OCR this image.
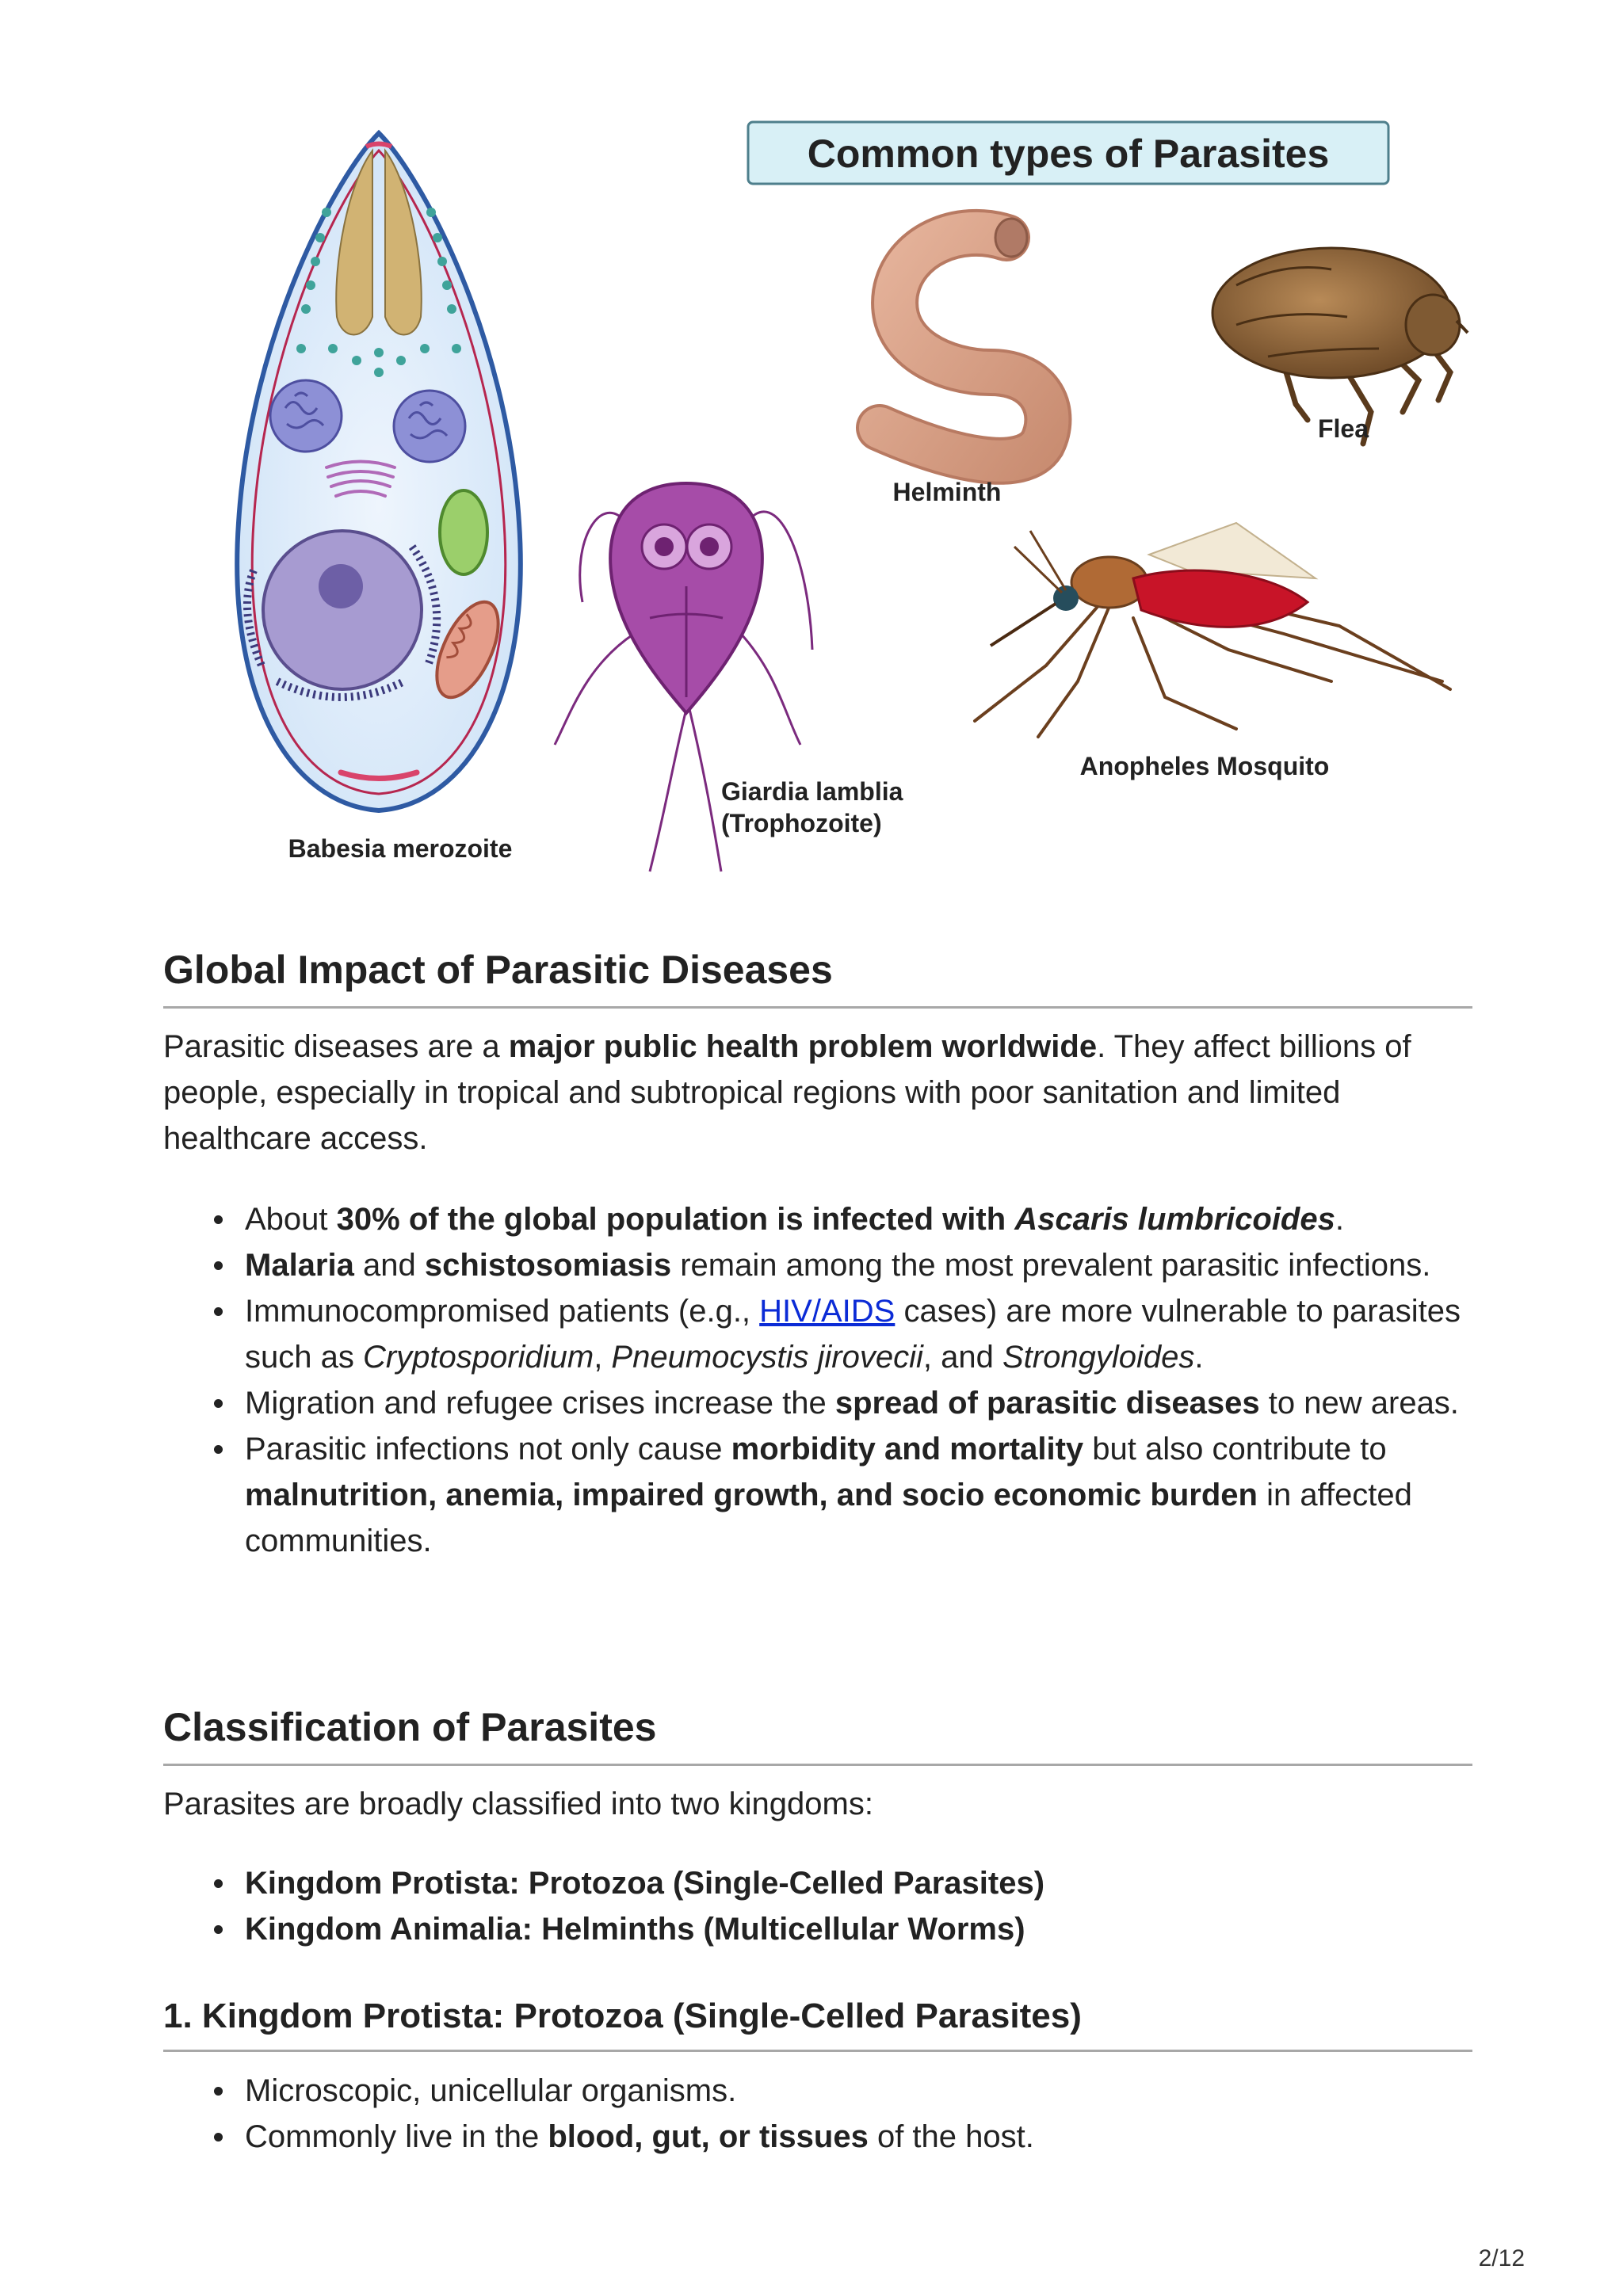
Common types of Parasites
Babesia merozoite
Giardia lamblia
(Trophozoite)
Helminth
Flea
Anopheles Mosquito
Global Impact of Parasitic Diseases

Parasitic diseases are a major public health problem worldwide. They affect billions of people, especially in tropical and subtropical regions with poor sanitation and limited healthcare access.

About 30% of the global population is infected with Ascaris lumbricoides.
Malaria and schistosomiasis remain among the most prevalent parasitic infections.
Immunocompromised patients (e.g., HIV/AIDS cases) are more vulnerable to parasites such as Cryptosporidium, Pneumocystis jirovecii, and Strongyloides.
Migration and refugee crises increase the spread of parasitic diseases to new areas.
Parasitic infections not only cause morbidity and mortality but also contribute to malnutrition, anemia, impaired growth, and socio economic burden in affected communities.
Classification of Parasites

Parasites are broadly classified into two kingdoms:

Kingdom Protista: Protozoa (Single-Celled Parasites)
Kingdom Animalia: Helminths (Multicellular Worms)
1. Kingdom Protista: Protozoa (Single-Celled Parasites)
Microscopic, unicellular organisms.
Commonly live in the blood, gut, or tissues of the host.
2/12
